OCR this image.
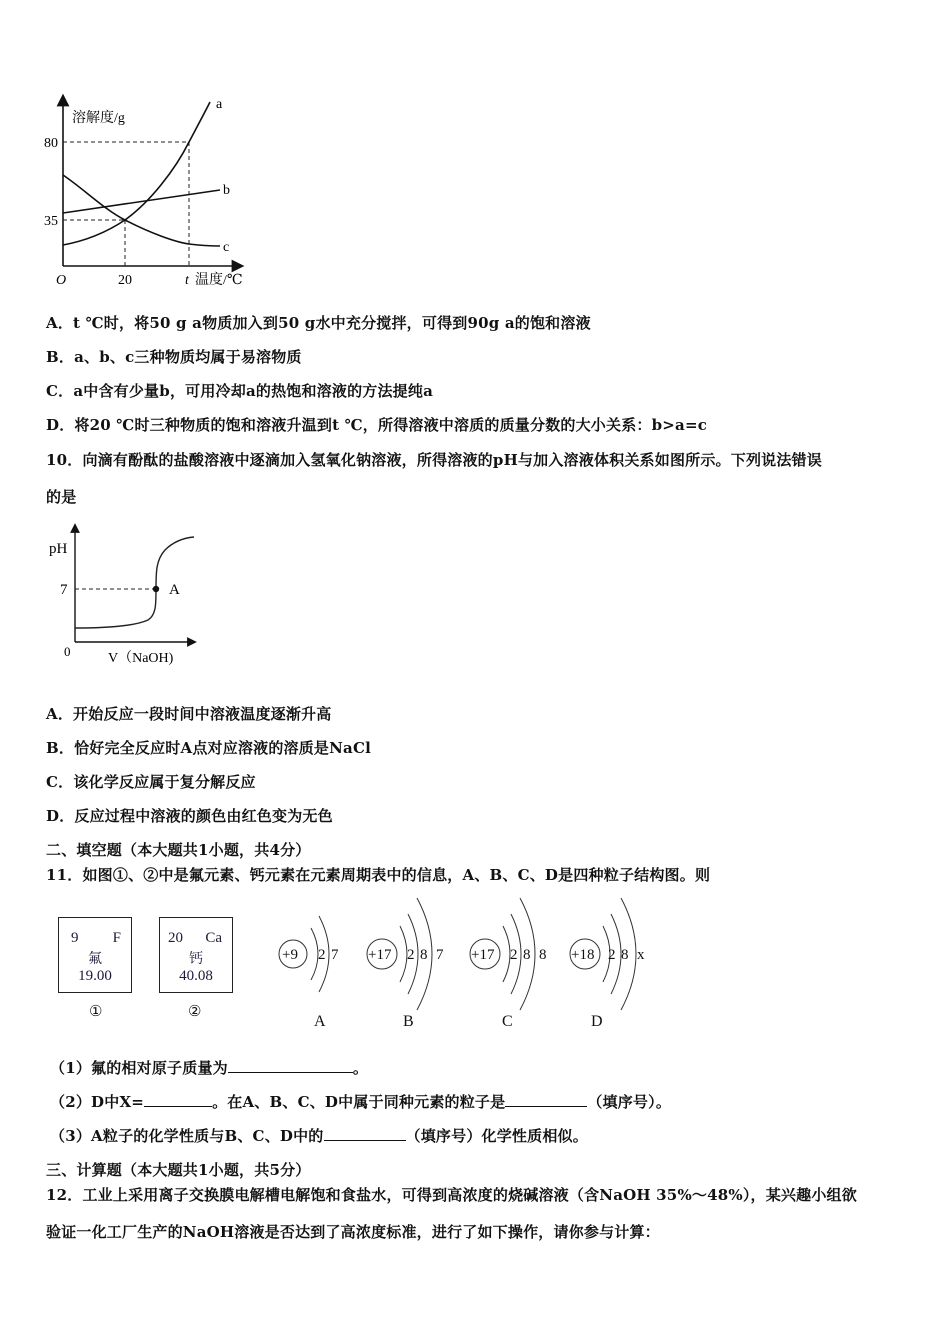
溶解度/g
80
35
O	20	t 温度/℃
a
b
c
A．t ℃时，将50 g a物质加入到50 g水中充分搅拌，可得到90g a的饱和溶液
B．a、b、c三种物质均属于易溶物质
C．a中含有少量b，可用冷却a的热饱和溶液的方法提纯a
D．将20 ℃时三种物质的饱和溶液升温到t ℃，所得溶液中溶质的质量分数的大小关系：b>a=c
10．向滴有酚酞的盐酸溶液中逐滴加入氢氧化钠溶液，所得溶液的pH与加入溶液体积关系如图所示。下列说法错误
的是
pH
7	A
0	V（NaOH)
A．开始反应一段时间中溶液温度逐渐升高
B．恰好完全反应时A点对应溶液的溶质是NaCl
C．该化学反应属于复分解反应
D．反应过程中溶液的颜色由红色变为无色
二、填空题（本大题共1小题，共4分）
11．如图①、②中是氟元素、钙元素在元素周期表中的信息，A、B、C、D是四种粒子结构图。则
9 F
氟
19.00
①
20 Ca
钙
40.08
②
+9 2 7 +17 2 8 7 +17 2 8 8 +18 2 8 x
A	B	C	D
（1）氟的相对原子质量为	。
（2）D中X=	。在A、B、C、D中属于同种元素的粒子是	（填序号）。
（3）A粒子的化学性质与B、C、D中的	（填序号）化学性质相似。
三、计算题（本大题共1小题，共5分）
12．工业上采用离子交换膜电解槽电解饱和食盐水，可得到高浓度的烧碱溶液（含NaOH 35%～48%），某兴趣小组欲
验证一化工厂生产的NaOH溶液是否达到了高浓度标准，进行了如下操作，请你参与计算：
